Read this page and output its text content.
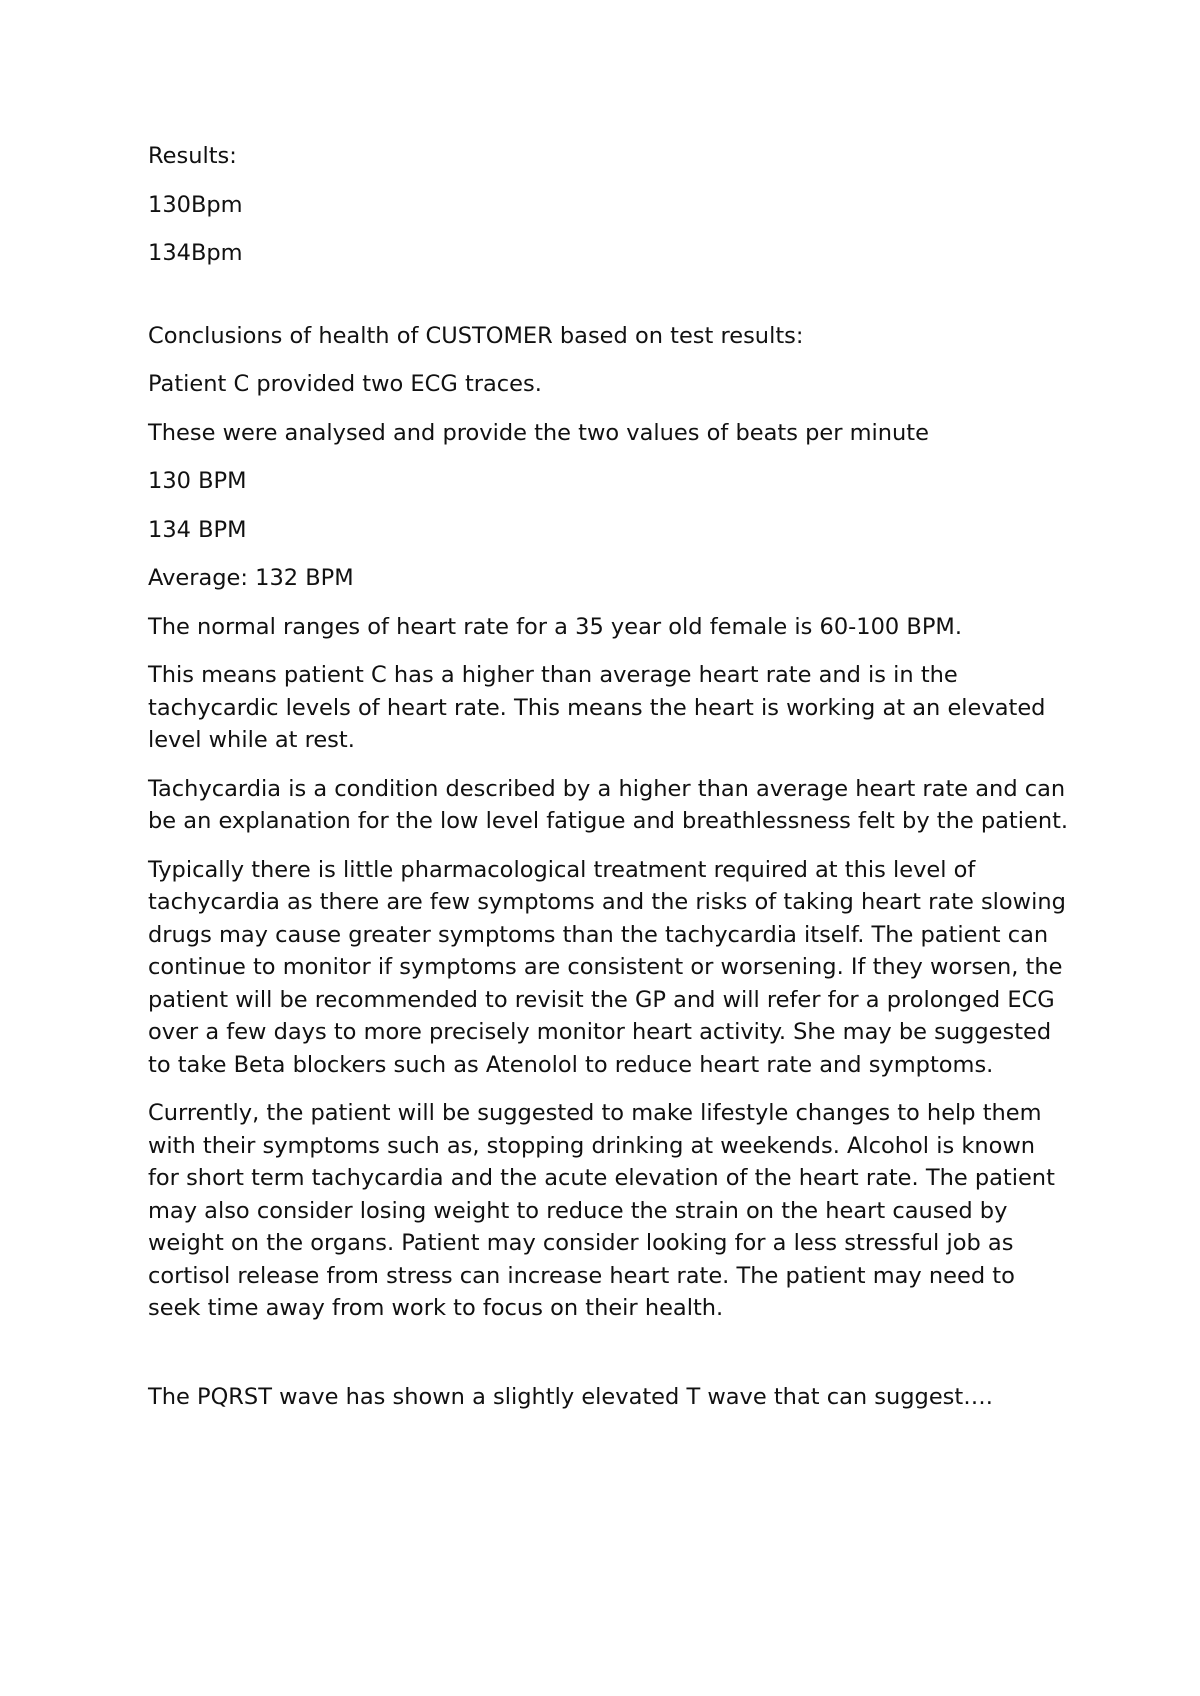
Results:

130Bpm

134Bpm

Conclusions of health of CUSTOMER based on test results:

Patient C provided two ECG traces.

These were analysed and provide the two values of beats per minute

130 BPM

134 BPM

Average: 132 BPM

The normal ranges of heart rate for a 35 year old female is 60-100 BPM.

This means patient C has a higher than average heart rate and is in the tachycardic levels of heart rate. This means the heart is working at an elevated level while at rest.

Tachycardia is a condition described by a higher than average heart rate and can be an explanation for the low level fatigue and breathlessness felt by the patient.

Typically there is little pharmacological treatment required at this level of tachycardia as there are few symptoms and the risks of taking heart rate slowing drugs may cause greater symptoms than the tachycardia itself. The patient can continue to monitor if symptoms are consistent or worsening. If they worsen, the patient will be recommended to revisit the GP and will refer for a prolonged ECG over a few days to more precisely monitor heart activity. She may be suggested to take Beta blockers such as Atenolol to reduce heart rate and symptoms.

Currently, the patient will be suggested to make lifestyle changes to help them with their symptoms such as, stopping drinking at weekends. Alcohol is known for short term tachycardia and the acute elevation of the heart rate. The patient may also consider losing weight to reduce the strain on the heart caused by weight on the organs. Patient may consider looking for a less stressful job as cortisol release from stress can increase heart rate. The patient may need to seek time away from work to focus on their health.

The PQRST wave has shown a slightly elevated T wave that can suggest….
